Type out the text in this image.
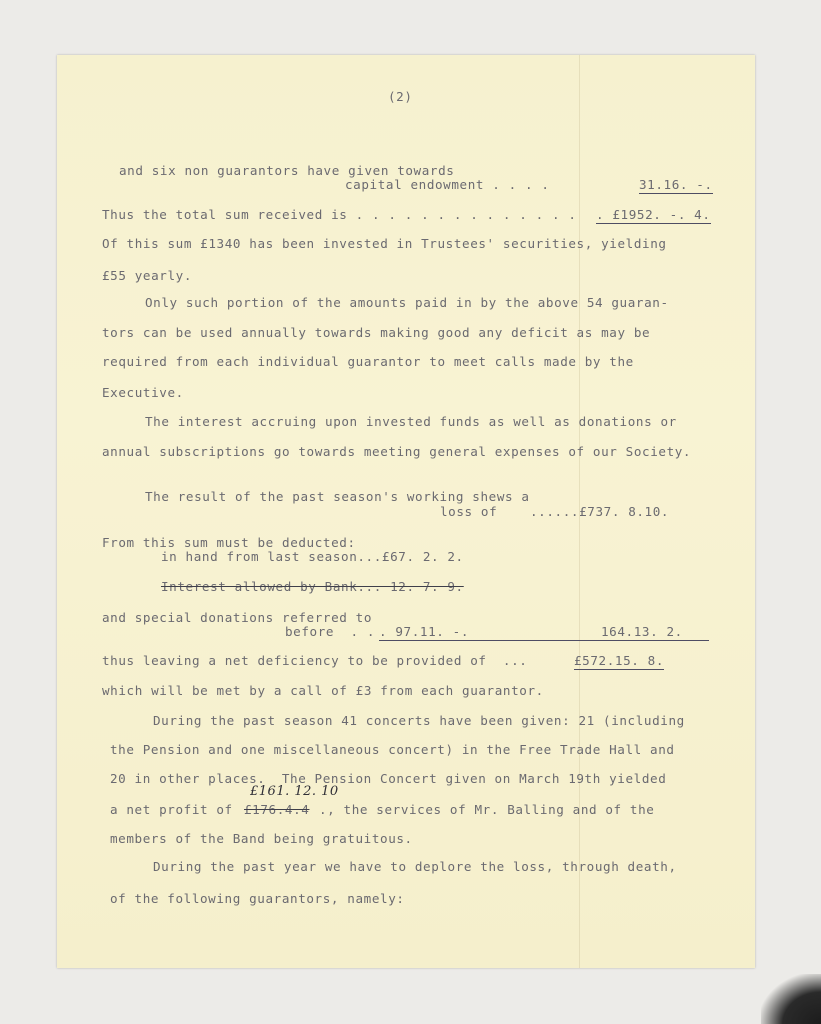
(2)
and six non guarantors have given towards
capital endowment . . . .	31.16. -.
Thus the total sum received is . . . . . . . . . . . . . . . £1952. -. 4.
Of this sum £1340 has been invested in Trustees' securities, yielding
£55 yearly.
Only such portion of the amounts paid in by the above 54 guaran-
tors can be used annually towards making good any deficit as may be
required from each individual guarantor to meet calls made by the
Executive.
The interest accruing upon invested funds as well as donations or
annual subscriptions go towards meeting general expenses of our Society.
The result of the past season's working shews a
loss of    ......£737. 8.10.
From this sum must be deducted:
in hand from last season...£67. 2. 2.
Interest allowed by Bank... 12. 7. 9.
and special donations referred to
before  . . . 97.11. -.	164.13. 2.
thus leaving a net deficiency to be provided of  ...	£572.15. 8.
which will be met by a call of £3 from each guarantor.
During the past season 41 concerts have been given: 21 (including
the Pension and one miscellaneous concert) in the Free Trade Hall and
20 in other places.  The Pension Concert given on March 19th yielded
£161. 12. 10
a net profit of £176.4.4 ., the services of Mr. Balling and of the
members of the Band being gratuitous.
During the past year we have to deplore the loss, through death,
of the following guarantors, namely:
